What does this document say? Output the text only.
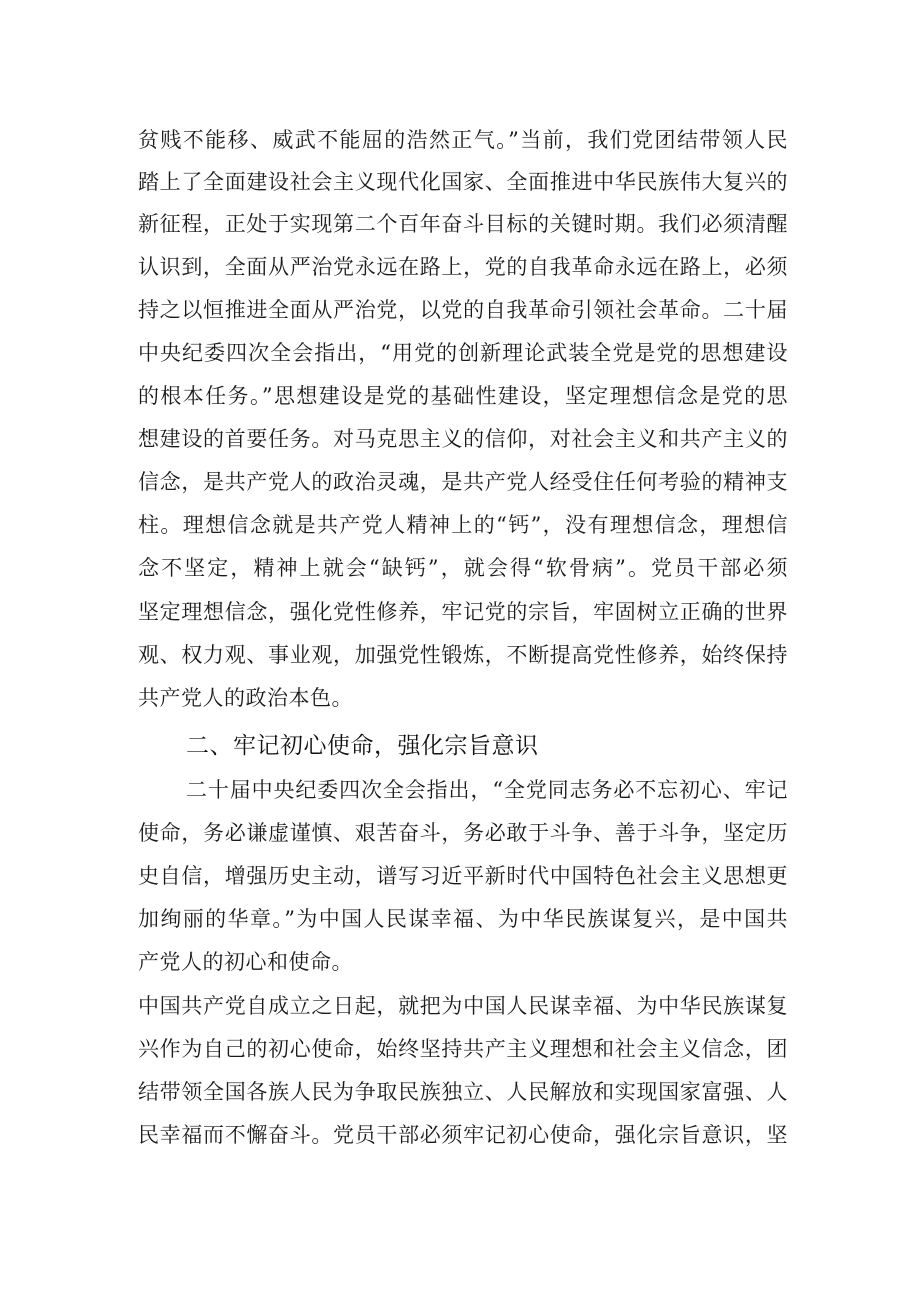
贫贱不能移、威武不能屈的浩然正气。”当前，我们党团结带领人民
踏上了全面建设社会主义现代化国家、全面推进中华民族伟大复兴的
新征程，正处于实现第二个百年奋斗目标的关键时期。我们必须清醒
认识到，全面从严治党永远在路上，党的自我革命永远在路上，必须
持之以恒推进全面从严治党，以党的自我革命引领社会革命。二十届
中央纪委四次全会指出，“用党的创新理论武装全党是党的思想建设
的根本任务。”思想建设是党的基础性建设，坚定理想信念是党的思
想建设的首要任务。对马克思主义的信仰，对社会主义和共产主义的
信念，是共产党人的政治灵魂，是共产党人经受住任何考验的精神支
柱。理想信念就是共产党人精神上的“钙”，没有理想信念，理想信
念不坚定，精神上就会“缺钙”，就会得“软骨病”。党员干部必须
坚定理想信念，强化党性修养，牢记党的宗旨，牢固树立正确的世界
观、权力观、事业观，加强党性锻炼，不断提高党性修养，始终保持
共产党人的政治本色。
二、牢记初心使命，强化宗旨意识
二十届中央纪委四次全会指出，“全党同志务必不忘初心、牢记
使命，务必谦虚谨慎、艰苦奋斗，务必敢于斗争、善于斗争，坚定历
史自信，增强历史主动，谱写习近平新时代中国特色社会主义思想更
加绚丽的华章。”为中国人民谋幸福、为中华民族谋复兴，是中国共
产党人的初心和使命。
中国共产党自成立之日起，就把为中国人民谋幸福、为中华民族谋复
兴作为自己的初心使命，始终坚持共产主义理想和社会主义信念，团
结带领全国各族人民为争取民族独立、人民解放和实现国家富强、人
民幸福而不懈奋斗。党员干部必须牢记初心使命，强化宗旨意识，坚
